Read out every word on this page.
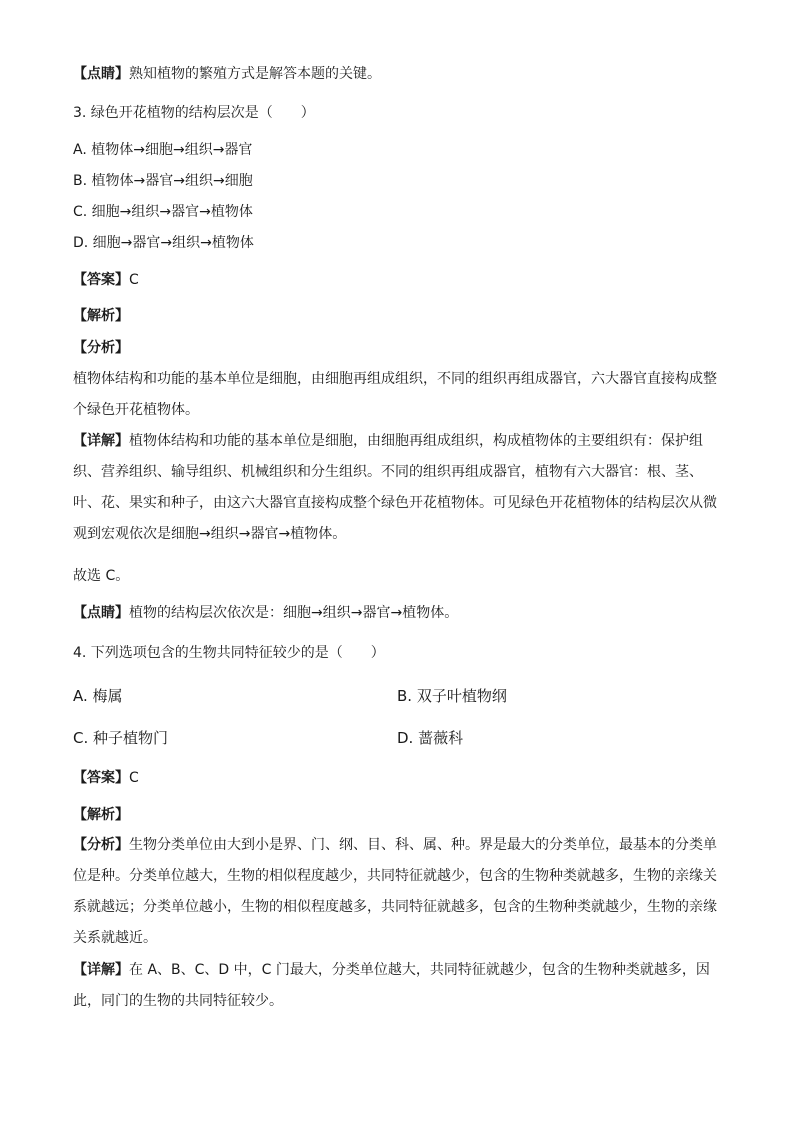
【点睛】熟知植物的繁殖方式是解答本题的关键。
3. 绿色开花植物的结构层次是（　　）
A. 植物体→细胞→组织→器官
B. 植物体→器官→组织→细胞
C. 细胞→组织→器官→植物体
D. 细胞→器官→组织→植物体
【答案】C
【解析】
【分析】
植物体结构和功能的基本单位是细胞，由细胞再组成组织，不同的组织再组成器官，六大器官直接构成整个绿色开花植物体。
【详解】植物体结构和功能的基本单位是细胞，由细胞再组成组织，构成植物体的主要组织有：保护组织、营养组织、输导组织、机械组织和分生组织。不同的组织再组成器官，植物有六大器官：根、茎、叶、花、果实和种子，由这六大器官直接构成整个绿色开花植物体。可见绿色开花植物体的结构层次从微观到宏观依次是细胞→组织→器官→植物体。
故选 C。
【点睛】植物的结构层次依次是：细胞→组织→器官→植物体。
4. 下列选项包含的生物共同特征较少的是（　　）
A. 梅属	B. 双子叶植物纲
C. 种子植物门	D. 蔷薇科
【答案】C
【解析】
【分析】生物分类单位由大到小是界、门、纲、目、科、属、种。界是最大的分类单位，最基本的分类单位是种。分类单位越大，生物的相似程度越少，共同特征就越少，包含的生物种类就越多，生物的亲缘关系就越远；分类单位越小，生物的相似程度越多，共同特征就越多，包含的生物种类就越少，生物的亲缘关系就越近。
【详解】在 A、B、C、D 中，C 门最大，分类单位越大，共同特征就越少，包含的生物种类就越多，因此，同门的生物的共同特征较少。
